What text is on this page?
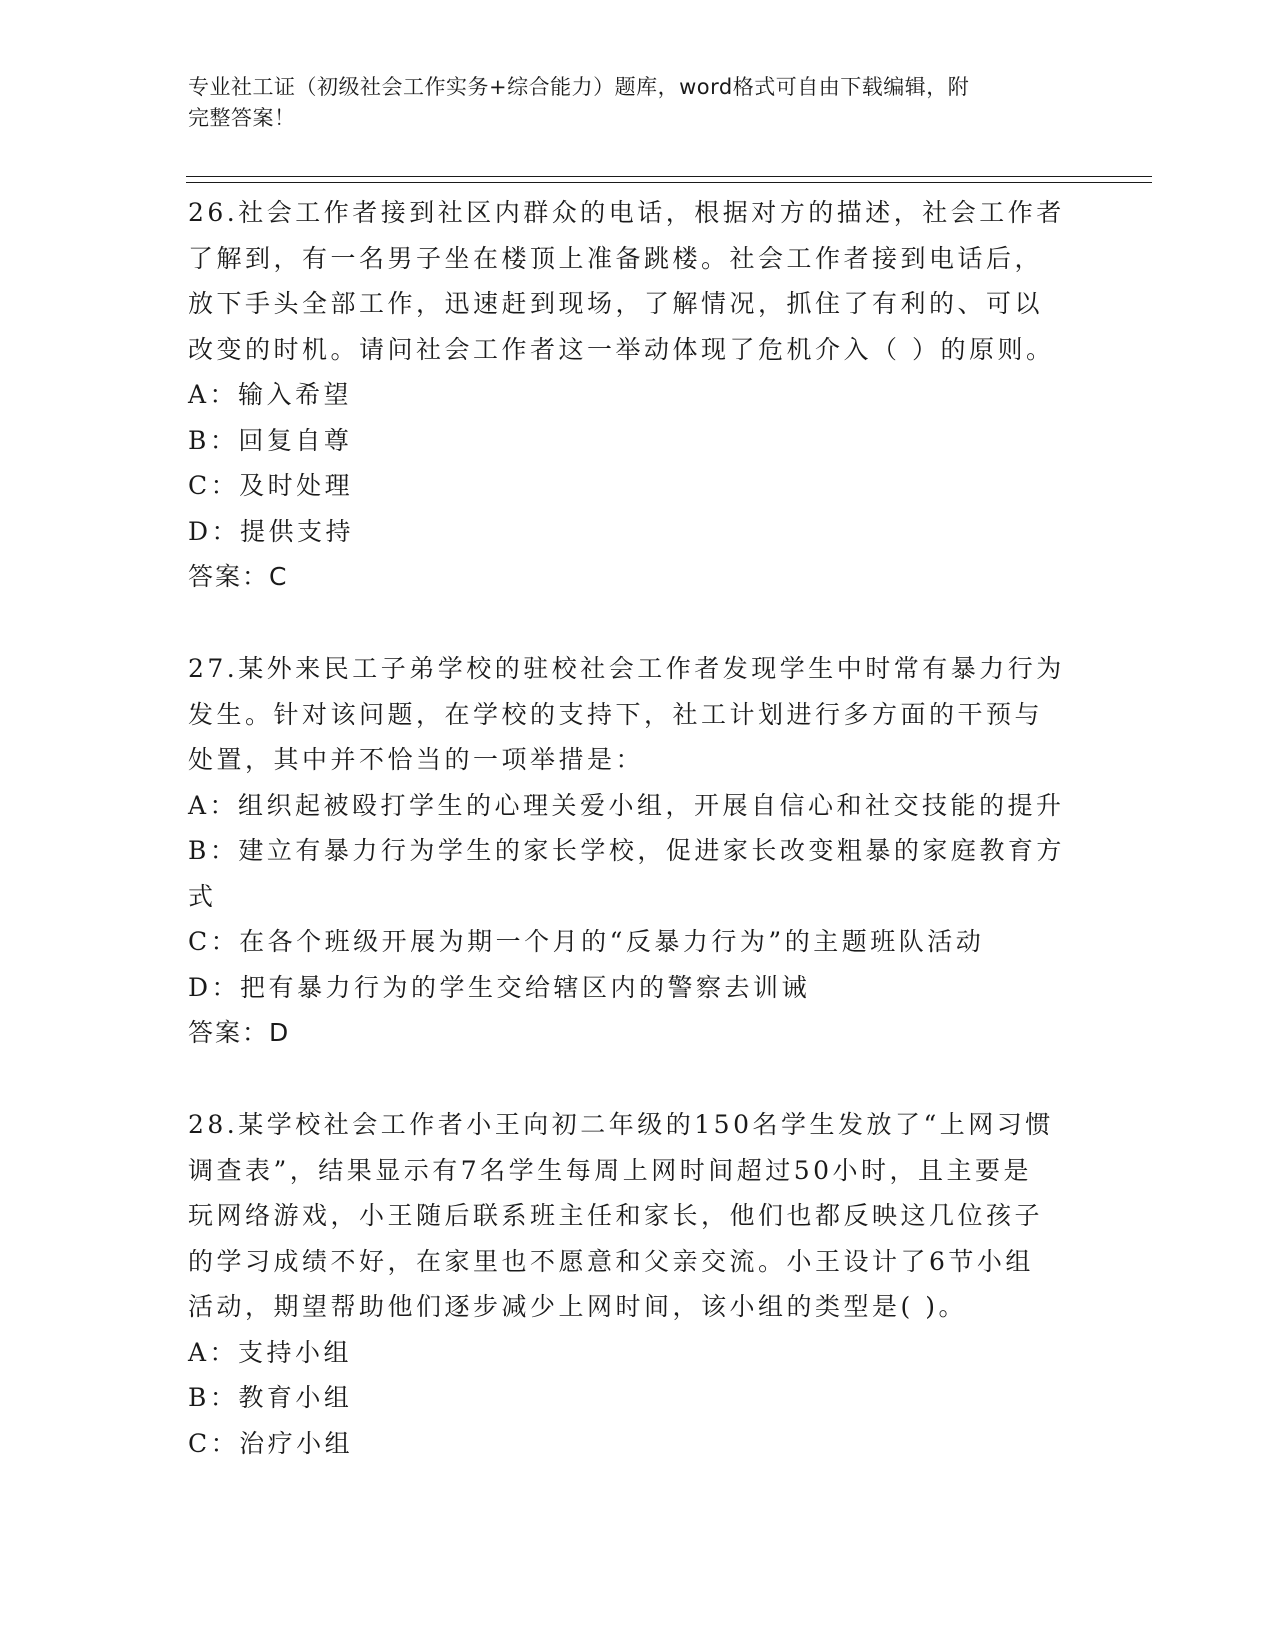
专业社工证（初级社会工作实务+综合能力）题库，word格式可自由下载编辑，附
完整答案！
26.社会工作者接到社区内群众的电话，根据对方的描述，社会工作者
了解到，有一名男子坐在楼顶上准备跳楼。社会工作者接到电话后，
放下手头全部工作，迅速赶到现场，了解情况，抓住了有利的、可以
改变的时机。请问社会工作者这一举动体现了危机介入（ ）的原则。
A：输入希望
B：回复自尊
C：及时处理
D：提供支持
答案：C
27.某外来民工子弟学校的驻校社会工作者发现学生中时常有暴力行为
发生。针对该问题，在学校的支持下，社工计划进行多方面的干预与
处置，其中并不恰当的一项举措是：
A：组织起被殴打学生的心理关爱小组，开展自信心和社交技能的提升
B：建立有暴力行为学生的家长学校，促进家长改变粗暴的家庭教育方
式
C：在各个班级开展为期一个月的“反暴力行为”的主题班队活动
D：把有暴力行为的学生交给辖区内的警察去训诫
答案：D
28.某学校社会工作者小王向初二年级的150名学生发放了“上网习惯
调查表”，结果显示有7名学生每周上网时间超过50小时，且主要是
玩网络游戏，小王随后联系班主任和家长，他们也都反映这几位孩子
的学习成绩不好，在家里也不愿意和父亲交流。小王设计了6节小组
活动，期望帮助他们逐步减少上网时间，该小组的类型是( )。
A：支持小组
B：教育小组
C：治疗小组
